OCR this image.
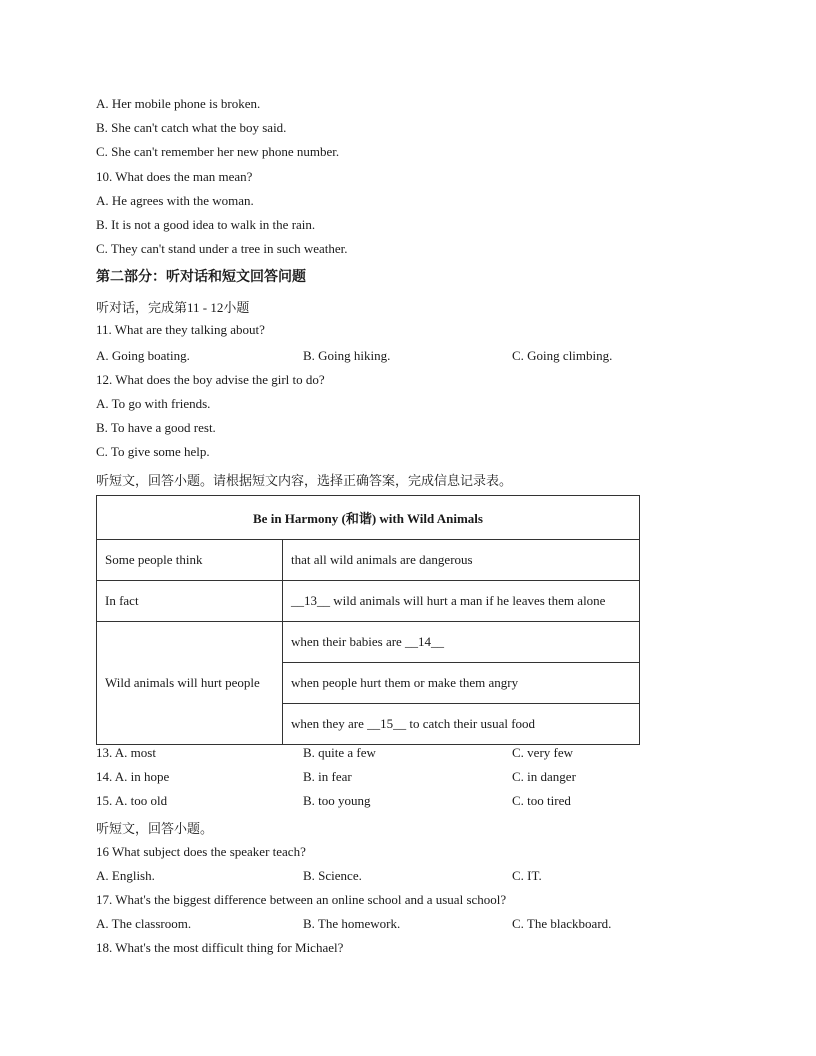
A. Her mobile phone is broken.
B. She can't catch what the boy said.
C. She can't remember her new phone number.
10. What does the man mean?
A. He agrees with the woman.
B. It is not a good idea to walk in the rain.
C. They can't stand under a tree in such weather.
第二部分：听对话和短文回答问题
听对话，完成第11 - 12小题
11. What are they talking about?
A. Going boating.	B. Going hiking.	C. Going climbing.
12. What does the boy advise the girl to do?
A. To go with friends.
B. To have a good rest.
C. To give some help.
听短文，回答小题。请根据短文内容，选择正确答案，完成信息记录表。
Be in Harmony (和谐) with Wild Animals	
Some people think	that all wild animals are dangerous
In fact	__13__ wild animals will hurt a man if he leaves them alone
Wild animals will hurt people	when their babies are __14__
	when people hurt them or make them angry
	when they are __15__ to catch their usual food
13. A. most	B. quite a few	C. very few
14. A. in hope	B. in fear	C. in danger
15. A. too old	B. too young	C. too tired
听短文，回答小题。
16 What subject does the speaker teach?
A. English.	B. Science.	C. IT.
17. What's the biggest difference between an online school and a usual school?
A. The classroom.	B. The homework.	C. The blackboard.
18. What's the most difficult thing for Michael?
